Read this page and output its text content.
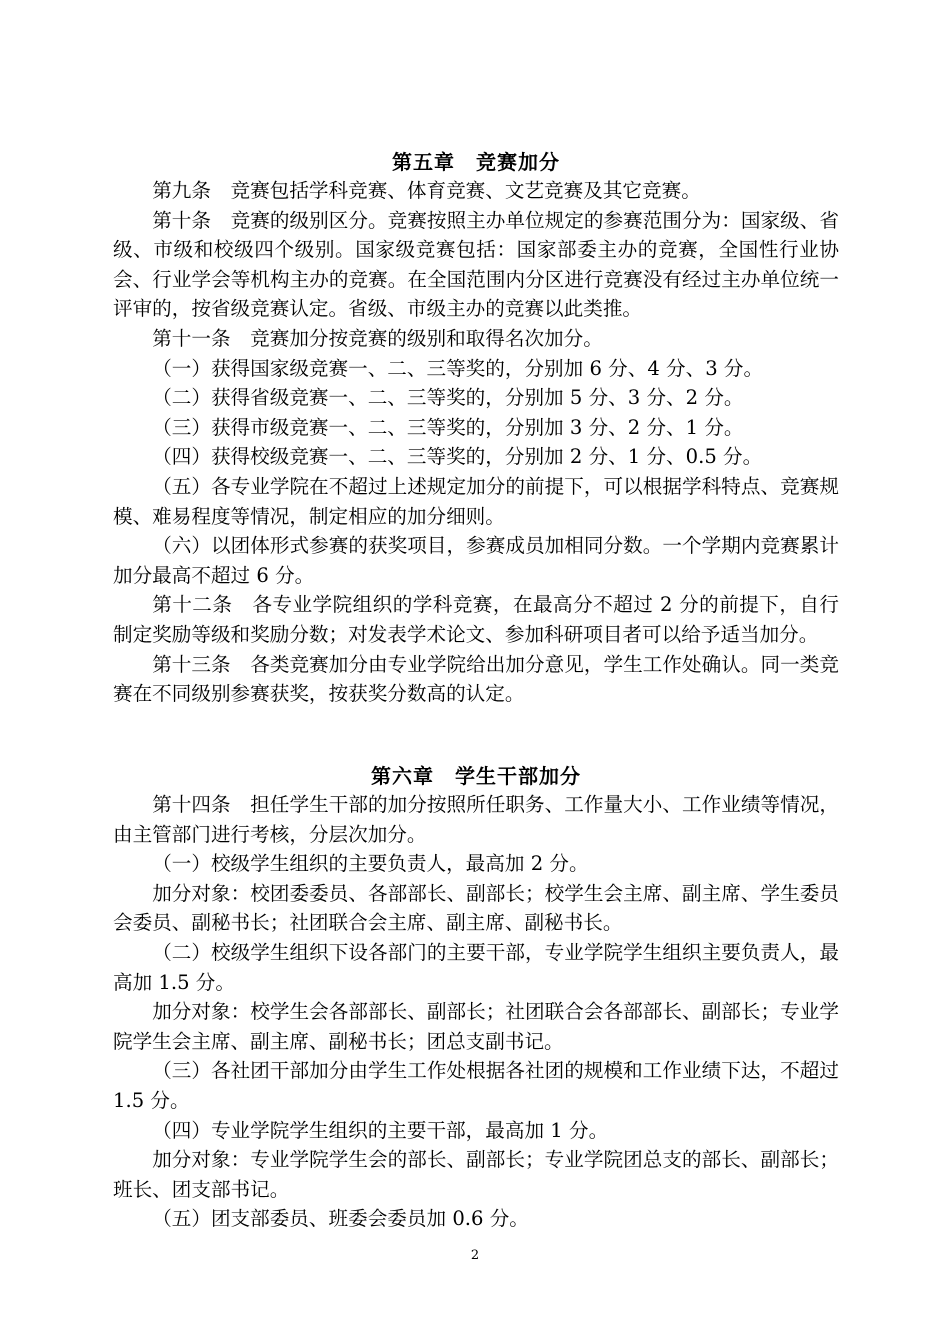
第五章　竞赛加分

第九条　竞赛包括学科竞赛、体育竞赛、文艺竞赛及其它竞赛。

第十条　竞赛的级别区分。竞赛按照主办单位规定的参赛范围分为：国家级、省级、市级和校级四个级别。国家级竞赛包括：国家部委主办的竞赛，全国性行业协会、行业学会等机构主办的竞赛。在全国范围内分区进行竞赛没有经过主办单位统一评审的，按省级竞赛认定。省级、市级主办的竞赛以此类推。

第十一条　竞赛加分按竞赛的级别和取得名次加分。

（一）获得国家级竞赛一、二、三等奖的，分别加 6 分、4 分、3 分。

（二）获得省级竞赛一、二、三等奖的，分别加 5 分、3 分、2 分。

（三）获得市级竞赛一、二、三等奖的，分别加 3 分、2 分、1 分。

（四）获得校级竞赛一、二、三等奖的，分别加 2 分、1 分、0.5 分。

（五）各专业学院在不超过上述规定加分的前提下，可以根据学科特点、竞赛规模、难易程度等情况，制定相应的加分细则。

（六）以团体形式参赛的获奖项目，参赛成员加相同分数。一个学期内竞赛累计加分最高不超过 6 分。

第十二条　各专业学院组织的学科竞赛，在最高分不超过 2 分的前提下，自行制定奖励等级和奖励分数；对发表学术论文、参加科研项目者可以给予适当加分。

第十三条　各类竞赛加分由专业学院给出加分意见，学生工作处确认。同一类竞赛在不同级别参赛获奖，按获奖分数高的认定。

第六章　学生干部加分

第十四条　担任学生干部的加分按照所任职务、工作量大小、工作业绩等情况，由主管部门进行考核，分层次加分。

（一）校级学生组织的主要负责人，最高加 2 分。

加分对象：校团委委员、各部部长、副部长；校学生会主席、副主席、学生委员会委员、副秘书长；社团联合会主席、副主席、副秘书长。

（二）校级学生组织下设各部门的主要干部，专业学院学生组织主要负责人，最高加 1.5 分。

加分对象：校学生会各部部长、副部长；社团联合会各部部长、副部长；专业学院学生会主席、副主席、副秘书长；团总支副书记。

（三）各社团干部加分由学生工作处根据各社团的规模和工作业绩下达，不超过 1.5 分。

（四）专业学院学生组织的主要干部，最高加 1 分。

加分对象：专业学院学生会的部长、副部长；专业学院团总支的部长、副部长；班长、团支部书记。

（五）团支部委员、班委会委员加 0.6 分。

2
